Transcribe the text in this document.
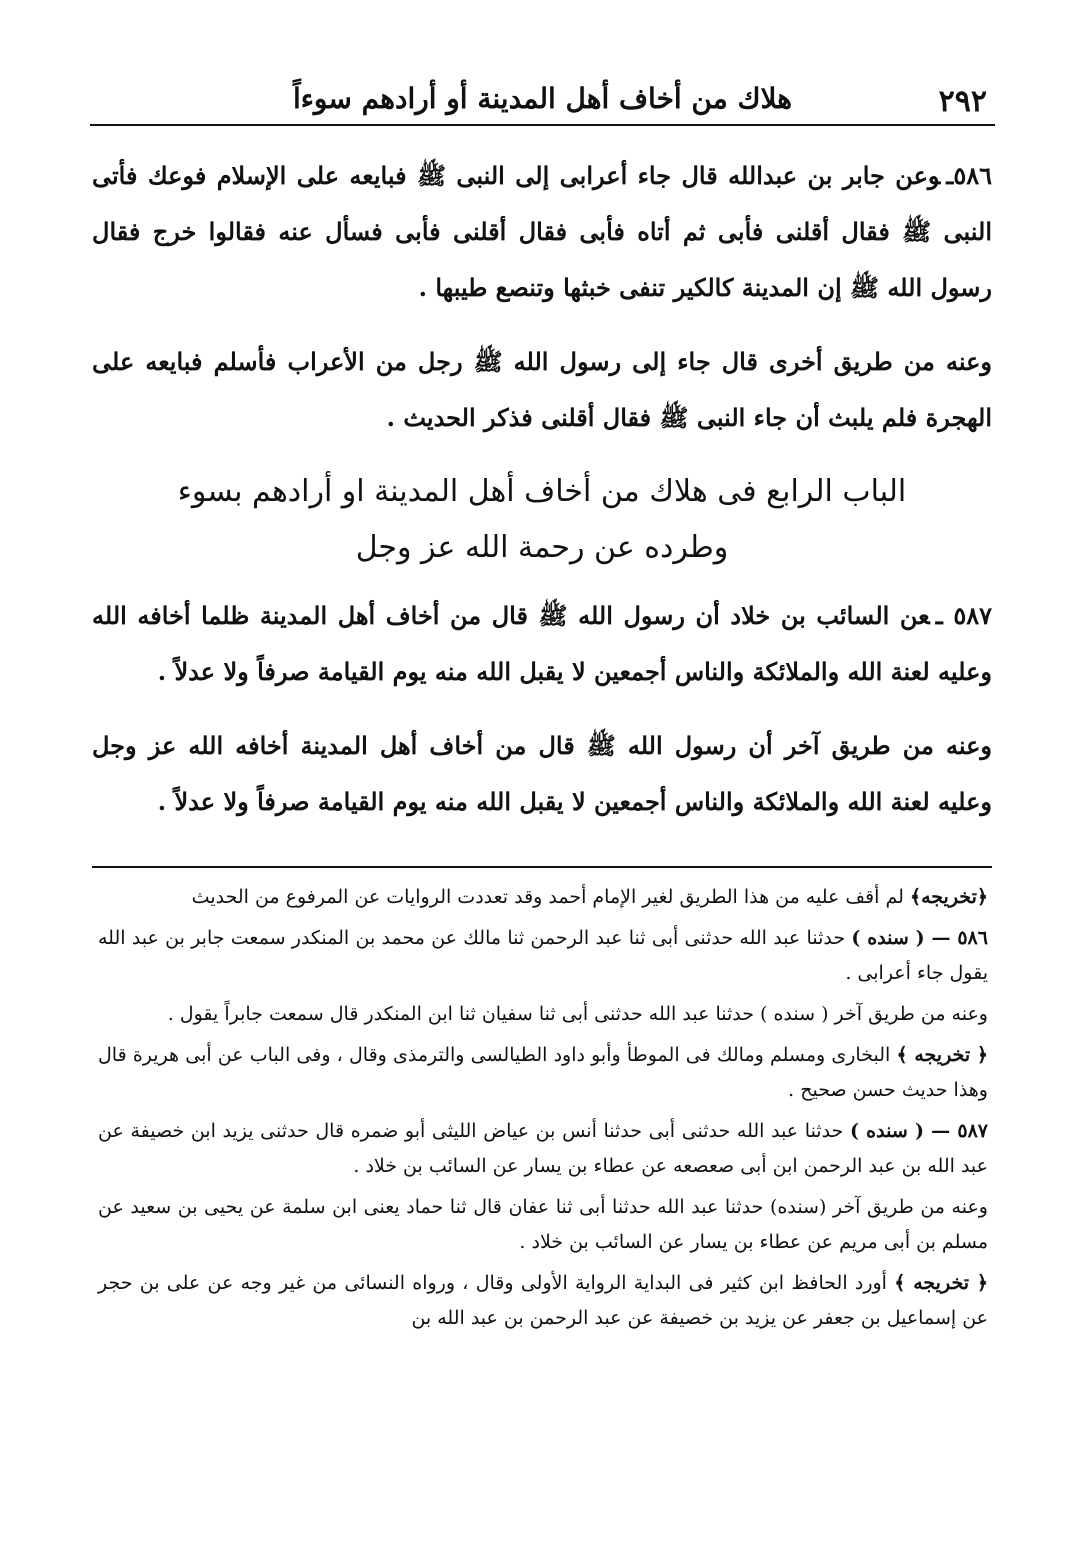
٢٩٢

هلاك من أخاف أهل المدينة أو أرادهم سوءاً

٥٨٦ـوعن جابر بن عبدالله قال جاء أعرابى إلى النبى ﷺ فبايعه على الإسلام فوعك فأتى النبى ﷺ فقال أقلنى فأبى ثم أتاه فأبى فقال أقلنى فأبى فسأل عنه فقالوا خرج فقال رسول الله ﷺ إن المدينة كالكير تنفى خبثها وتنصع طيبها .

وعنه من طريق أخرى قال جاء إلى رسول الله ﷺ رجل من الأعراب فأسلم فبايعه على الهجرة فلم يلبث أن جاء النبى ﷺ فقال أقلنى فذكر الحديث .

الباب الرابع فى هلاك من أخاف أهل المدينة او أرادهم بسوء
وطرده عن رحمة الله عز وجل

٥٨٧ ـعن السائب بن خلاد أن رسول الله ﷺ قال من أخاف أهل المدينة ظلما أخافه الله وعليه لعنة الله والملائكة والناس أجمعين لا يقبل الله منه يوم القيامة صرفاً ولا عدلاً .

وعنه من طريق آخر أن رسول الله ﷺ قال من أخاف أهل المدينة أخافه الله عز وجل وعليه لعنة الله والملائكة والناس أجمعين لا يقبل الله منه يوم القيامة صرفاً ولا عدلاً .

﴿تخريجه﴾ لم أقف عليه من هذا الطريق لغير الإمام أحمد وقد تعددت الروايات عن المرفوع من الحديث

٥٨٦ — ( سنده ) حدثنا عبد الله حدثنى أبى ثنا عبد الرحمن ثنا مالك عن محمد بن المنكدر سمعت جابر بن عبد الله يقول جاء أعرابى .

وعنه من طريق آخر ( سنده ) حدثنا عبد الله حدثنى أبى ثنا سفيان ثنا ابن المنكدر قال سمعت جابراً يقول .

﴿ تخريجه ﴾ البخارى ومسلم ومالك فى الموطأ وأبو داود الطيالسى والترمذى وقال ، وفى الباب عن أبى هريرة قال وهذا حديث حسن صحيح .

٥٨٧ — ( سنده ) حدثنا عبد الله حدثنى أبى حدثنا أنس بن عياض الليثى أبو ضمره قال حدثنى يزيد ابن خصيفة عن عبد الله بن عبد الرحمن ابن أبى صعصعه عن عطاء بن يسار عن السائب بن خلاد .

وعنه من طريق آخر (سنده) حدثنا عبد الله حدثنا أبى ثنا عفان قال ثنا حماد يعنى ابن سلمة عن يحيى بن سعيد عن مسلم بن أبى مريم عن عطاء بن يسار عن السائب بن خلاد .

﴿ تخريجه ﴾ أورد الحافظ ابن كثير فى البداية الرواية الأولى وقال ، ورواه النسائى من غير وجه عن على بن حجر عن إسماعيل بن جعفر عن يزيد بن خصيفة عن عبد الرحمن بن عبد الله بن
